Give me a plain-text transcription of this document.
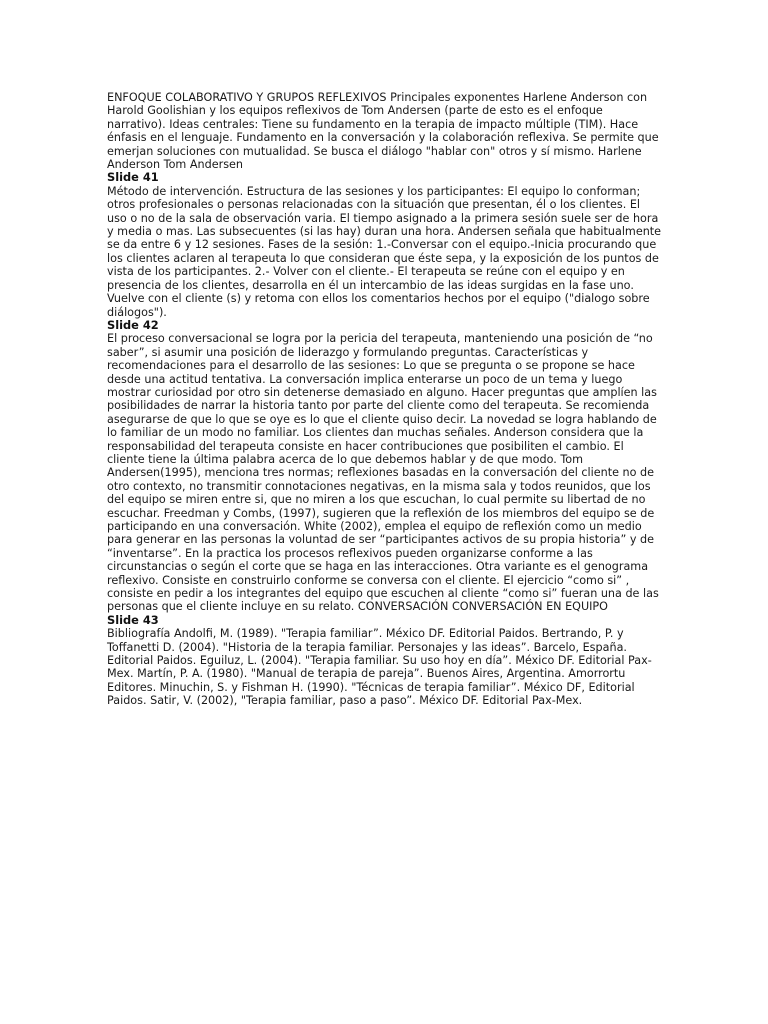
ENFOQUE COLABORATIVO Y GRUPOS REFLEXIVOS Principales exponentes Harlene Anderson con Harold Goolishian y los equipos reflexivos de Tom Andersen (parte de esto es el enfoque narrativo). Ideas centrales: Tiene su fundamento en la terapia de impacto múltiple (TIM). Hace énfasis en el lenguaje. Fundamento en la conversación y la colaboración reflexiva. Se permite que emerjan soluciones con mutualidad. Se busca el diálogo "hablar con" otros y sí mismo. Harlene Anderson Tom Andersen

Slide 41

Método de intervención. Estructura de las sesiones y los participantes: El equipo lo conforman; otros profesionales o personas relacionadas con la situación que presentan, él o los clientes. El uso o no de la sala de observación varia. El tiempo asignado a la primera sesión suele ser de hora y media o mas. Las subsecuentes (si las hay) duran una hora. Andersen señala que habitualmente se da entre 6 y 12 sesiones. Fases de la sesión: 1.-Conversar con el equipo.-Inicia procurando que los clientes aclaren al terapeuta lo que consideran que éste sepa, y la exposición de los puntos de vista de los participantes. 2.- Volver con el cliente.- El terapeuta se reúne con el equipo y en presencia de los clientes, desarrolla en él un intercambio de las ideas surgidas en la fase uno. Vuelve con el cliente (s) y retoma con ellos los comentarios hechos por el equipo ("dialogo sobre diálogos").

Slide 42

El proceso conversacional se logra por la pericia del terapeuta, manteniendo una posición de “no saber”, si asumir una posición de liderazgo y formulando preguntas. Características y recomendaciones para el desarrollo de las sesiones: Lo que se pregunta o se propone se hace desde una actitud tentativa. La conversación implica enterarse un poco de un tema y luego mostrar curiosidad por otro sin detenerse demasiado en alguno. Hacer preguntas que amplíen las posibilidades de narrar la historia tanto por parte del cliente como del terapeuta. Se recomienda asegurarse de que lo que se oye es lo que el cliente quiso decir. La novedad se logra hablando de lo familiar de un modo no familiar. Los clientes dan muchas señales. Anderson considera que la responsabilidad del terapeuta consiste en hacer contribuciones que posibiliten el cambio. El cliente tiene la última palabra acerca de lo que debemos hablar y de que modo. Tom Andersen(1995), menciona tres normas; reflexiones basadas en la conversación del cliente no de otro contexto, no transmitir connotaciones negativas, en la misma sala y todos reunidos, que los del equipo se miren entre si, que no miren a los que escuchan, lo cual permite su libertad de no escuchar. Freedman y Combs, (1997), sugieren que la reflexión de los miembros del equipo se de participando en una conversación. White (2002), emplea el equipo de reflexión como un medio para generar en las personas la voluntad de ser “participantes activos de su propia historia” y de “inventarse”. En la practica los procesos reflexivos pueden organizarse conforme a las circunstancias o según el corte que se haga en las interacciones. Otra variante es el genograma reflexivo. Consiste en construirlo conforme se conversa con el cliente. El ejercicio “como si” , consiste en pedir a los integrantes del equipo que escuchen al cliente “como si” fueran una de las personas que el cliente incluye en su relato. CONVERSACIÓN CONVERSACIÓN EN EQUIPO

Slide 43

Bibliografía Andolfi, M. (1989). "Terapia familiar”. México DF. Editorial Paidos. Bertrando, P. y Toffanetti D. (2004). "Historia de la terapia familiar. Personajes y las ideas”. Barcelo, España. Editorial Paidos. Eguiluz, L. (2004). "Terapia familiar. Su uso hoy en día”. México DF. Editorial Pax-Mex. Martín, P. A. (1980). "Manual de terapia de pareja”. Buenos Aires, Argentina. Amorrortu Editores. Minuchin, S. y Fishman H. (1990). "Técnicas de terapia familiar”. México DF, Editorial Paidos. Satir, V. (2002), "Terapia familiar, paso a paso”. México DF. Editorial Pax-Mex.
